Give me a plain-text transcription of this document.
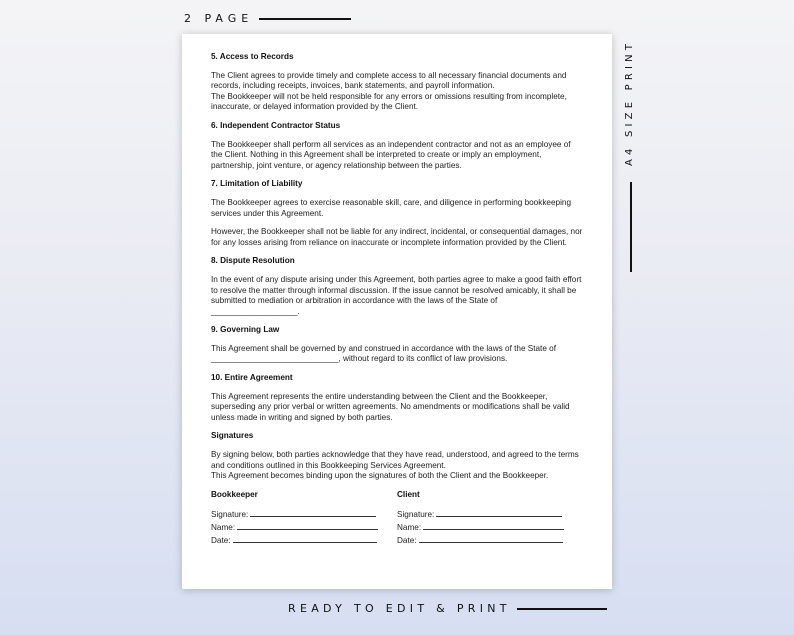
2 PAGE
A4 SIZE PRINT
READY TO EDIT & PRINT
5. Access to Records
The Client agrees to provide timely and complete access to all necessary financial documents and records, including receipts, invoices, bank statements, and payroll information.
The Bookkeeper will not be held responsible for any errors or omissions resulting from incomplete, inaccurate, or delayed information provided by the Client.
6. Independent Contractor Status
The Bookkeeper shall perform all services as an independent contractor and not as an employee of the Client. Nothing in this Agreement shall be interpreted to create or imply an employment, partnership, joint venture, or agency relationship between the parties.
7. Limitation of Liability
The Bookkeeper agrees to exercise reasonable skill, care, and diligence in performing bookkeeping services under this Agreement.
However, the Bookkeeper shall not be liable for any indirect, incidental, or consequential damages, nor for any losses arising from reliance on inaccurate or incomplete information provided by the Client.
8. Dispute Resolution
In the event of any dispute arising under this Agreement, both parties agree to make a good faith effort to resolve the matter through informal discussion. If the issue cannot be resolved amicably, it shall be submitted to mediation or arbitration in accordance with the laws of the State of ___________________.
9. Governing Law
This Agreement shall be governed by and construed in accordance with the laws of the State of ____________________________, without regard to its conflict of law provisions.
10. Entire Agreement
This Agreement represents the entire understanding between the Client and the Bookkeeper, superseding any prior verbal or written agreements. No amendments or modifications shall be valid unless made in writing and signed by both parties.
Signatures
By signing below, both parties acknowledge that they have read, understood, and agreed to the terms and conditions outlined in this Bookkeeping Services Agreement.
This Agreement becomes binding upon the signatures of both the Client and the Bookkeeper.
Bookkeeper
Signature:
Name:
Date:
Client
Signature:
Name:
Date:
